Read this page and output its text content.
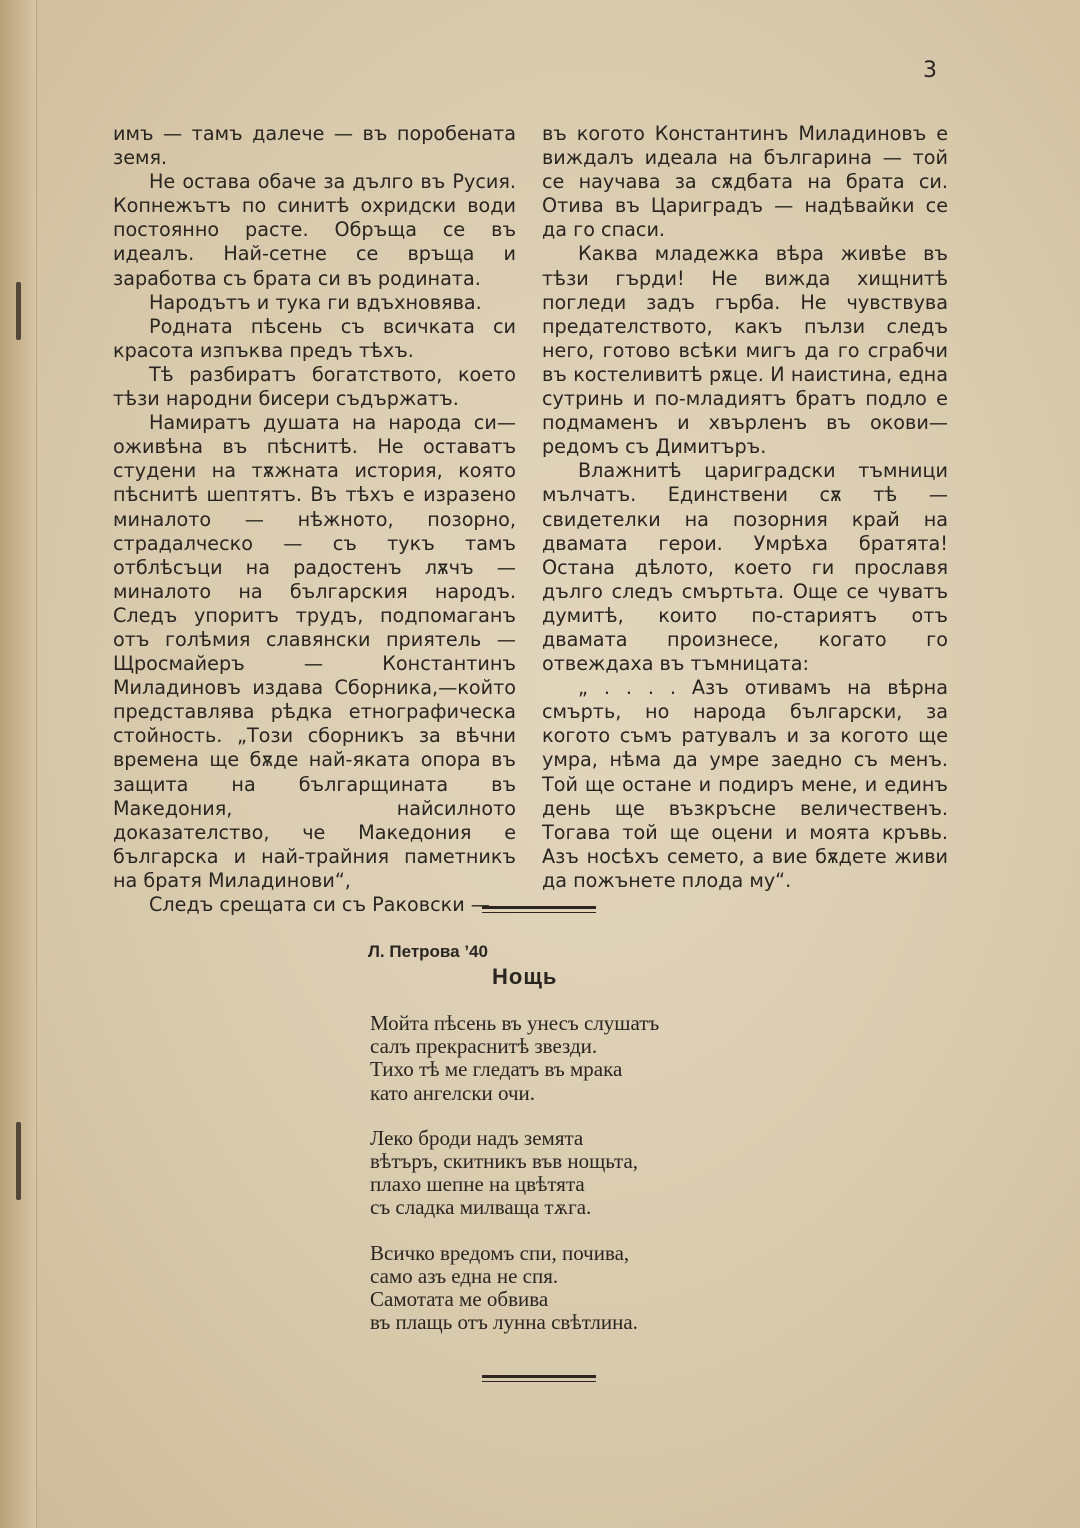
3

имъ — тамъ далече — въ поробената земя.

Не остава обаче за дълго въ Русия. Копнежътъ по синитѣ охридски води постоянно расте. Обръща се въ идеалъ. Най-сетне се връща и заработва съ брата си въ родината.

Народътъ и тука ги вдъхновява.

Родната пѣсень съ всичката си красота изпъква предъ тѣхъ.

Тѣ разбиратъ богатството, което тѣзи народни бисери съдържатъ.

Намиратъ душата на народа си— оживѣна въ пѣснитѣ. Не оставатъ студени на тѫжната история, която пѣснитѣ шептятъ. Въ тѣхъ е изразено миналото — нѣжното, позорно, страдалческо — съ тукъ тамъ отблѣсъци на радостенъ лѫчъ — миналото на българския народъ. Следъ упоритъ трудъ, подпомаганъ отъ голѣмия славянски приятель — Щросмайеръ — Константинъ Миладиновъ издава Сборника,—който представлява рѣдка етнографическа стойность. „Този сборникъ за вѣчни времена ще бѫде най-яката опора въ защита на българщината въ Македония, найсилното доказателство, че Македония е българска и най-трайния паметникъ на братя Миладинови“,

Следъ срещата си съ Раковски —

въ когото Константинъ Миладиновъ е виждалъ идеала на българина — той се научава за сѫдбата на брата си. Отива въ Цариградъ — надѣвайки се да го спаси.

Каква младежка вѣра живѣе въ тѣзи гърди! Не вижда хищнитѣ погледи задъ гърба. Не чувствува предателството, какъ пълзи следъ него, готово всѣки мигъ да го сграбчи въ костеливитѣ рѫце. И наистина, една сутринь и по-младиятъ братъ подло е подмаменъ и хвърленъ въ окови— редомъ съ Димитъръ.

Влажнитѣ цариградски тъмници мълчатъ. Единствени сѫ тѣ — свидетелки на позорния край на двамата герои. Умрѣха братята! Остана дѣлото, което ги прославя дълго следъ смъртьта. Още се чуватъ думитѣ, които по-стариятъ отъ двамата произнесе, когато го отвеждаха въ тъмницата:

„ . . . . Азъ отивамъ на вѣрна смърть, но народа български, за когото съмъ ратувалъ и за когото ще умра, нѣма да умре заедно съ менъ. Той ще остане и подиръ мене, и единъ день ще възкръсне величественъ. Тогава той ще оцени и моята кръвь. Азъ носѣхъ семето, а вие бѫдете живи да пожънете плода му“.

Л. Петрова ’40
Нощь
Мойта пѣсень въ унесъ слушатъ
салъ прекраснитѣ звезди.
Тихо тѣ ме гледатъ въ мрака
като ангелски очи.
Леко броди надъ земята
вѣтъръ, скитникъ във нощьта,
плахо шепне на цвѣтята
съ сладка милваща тѫга.
Всичко вредомъ спи, почива,
само азъ една не спя.
Самотата ме обвива
въ плащь отъ лунна свѣтлина.
